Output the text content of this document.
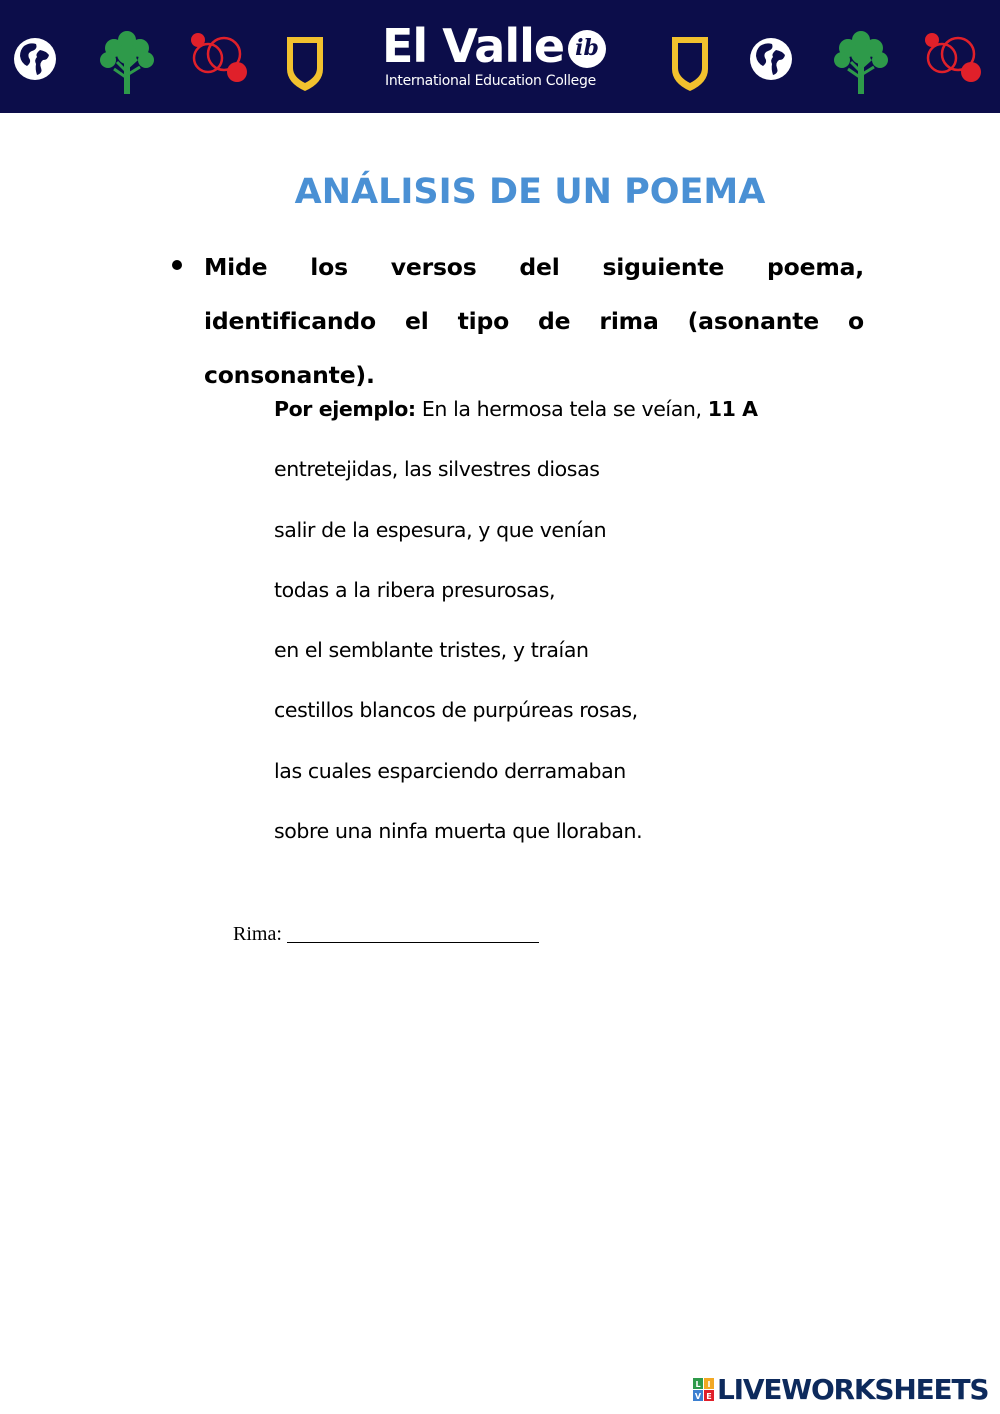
El Valle ib
International Education College
ANÁLISIS DE UN POEMA
Mide los versos del siguiente poema, identificando el tipo de rima (asonante o consonante).
Por ejemplo: En la hermosa tela se veían, 11 A
entretejidas, las silvestres diosas
salir de la espesura, y que venían
todas a la ribera presurosas,
en el semblante tristes, y traían
cestillos blancos de purpúreas rosas,
las cuales esparciendo derramaban
sobre una ninfa muerta que lloraban.
Rima:
L I
V E LIVEWORKSHEETS
